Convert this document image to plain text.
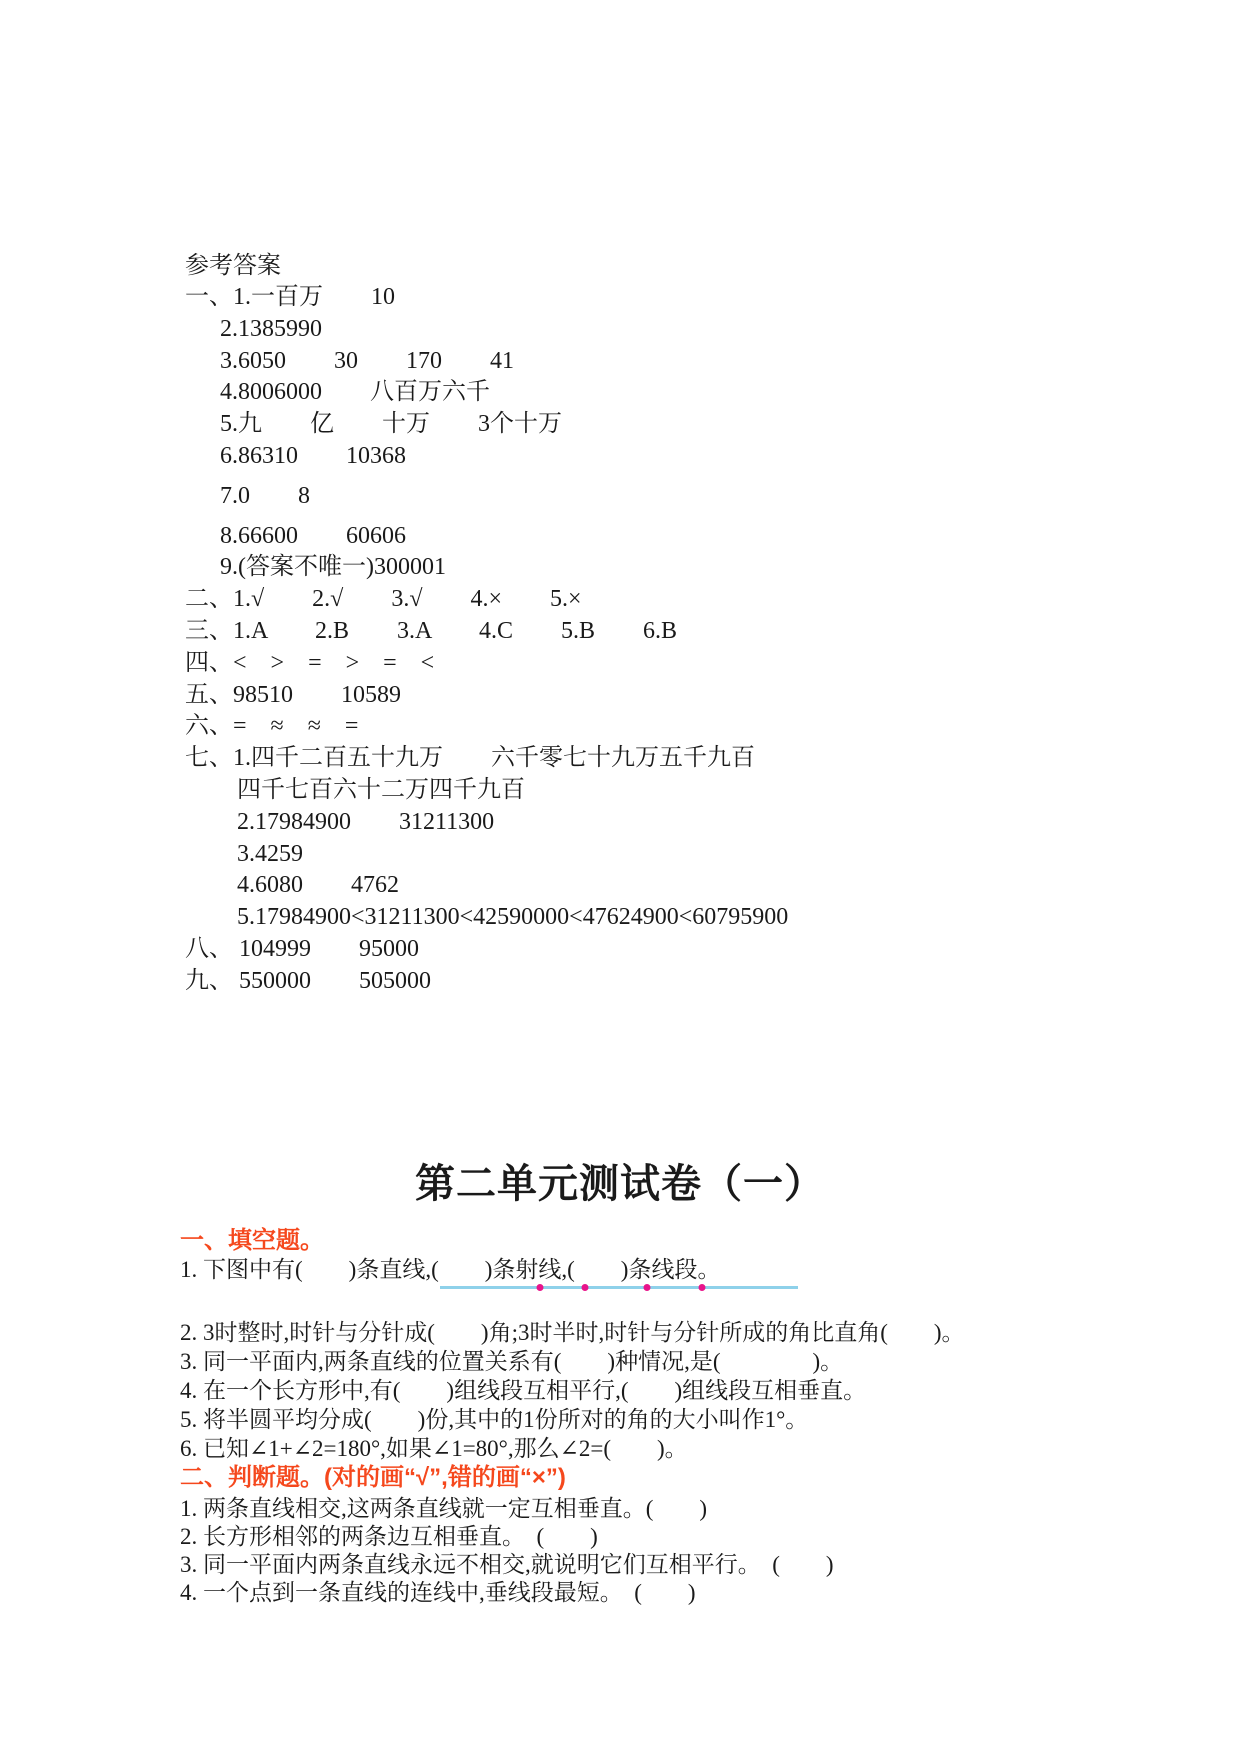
参考答案
一、1.一百万　　10
2.1385990
3.6050　　30　　170　　41
4.8006000　　八百万六千
5.九　　亿　　十万　　3个十万
6.86310　　10368
7.0　　8
8.66600　　60606
9.(答案不唯一)300001
二、1.√　　2.√　　3.√　　4.×　　5.×
三、1.A　　2.B　　3.A　　4.C　　5.B　　6.B
四、<　>　=　>　=　<
五、98510　　10589
六、=　≈　≈　=
七、1.四千二百五十九万　　六千零七十九万五千九百
四千七百六十二万四千九百
2.17984900　　31211300
3.4259
4.6080　　4762
5.17984900<31211300<42590000<47624900<60795900
八、 104999　　95000
九、 550000　　505000
第二单元测试卷（一）
一、填空题。
1. 下图中有(　　)条直线,(　　)条射线,(　　)条线段。
2. 3时整时,时针与分针成(　　)角;3时半时,时针与分针所成的角比直角(　　)。
3. 同一平面内,两条直线的位置关系有(　　)种情况,是(　　　　)。
4. 在一个长方形中,有(　　)组线段互相平行,(　　)组线段互相垂直。
5. 将半圆平均分成(　　)份,其中的1份所对的角的大小叫作1°。
6. 已知∠1+∠2=180°,如果∠1=80°,那么∠2=(　　)。
二、判断题。(对的画“√”,错的画“×”)
1. 两条直线相交,这两条直线就一定互相垂直。(　　)
2. 长方形相邻的两条边互相垂直。　(　　)
3. 同一平面内两条直线永远不相交,就说明它们互相平行。　(　　)
4. 一个点到一条直线的连线中,垂线段最短。　(　　)
